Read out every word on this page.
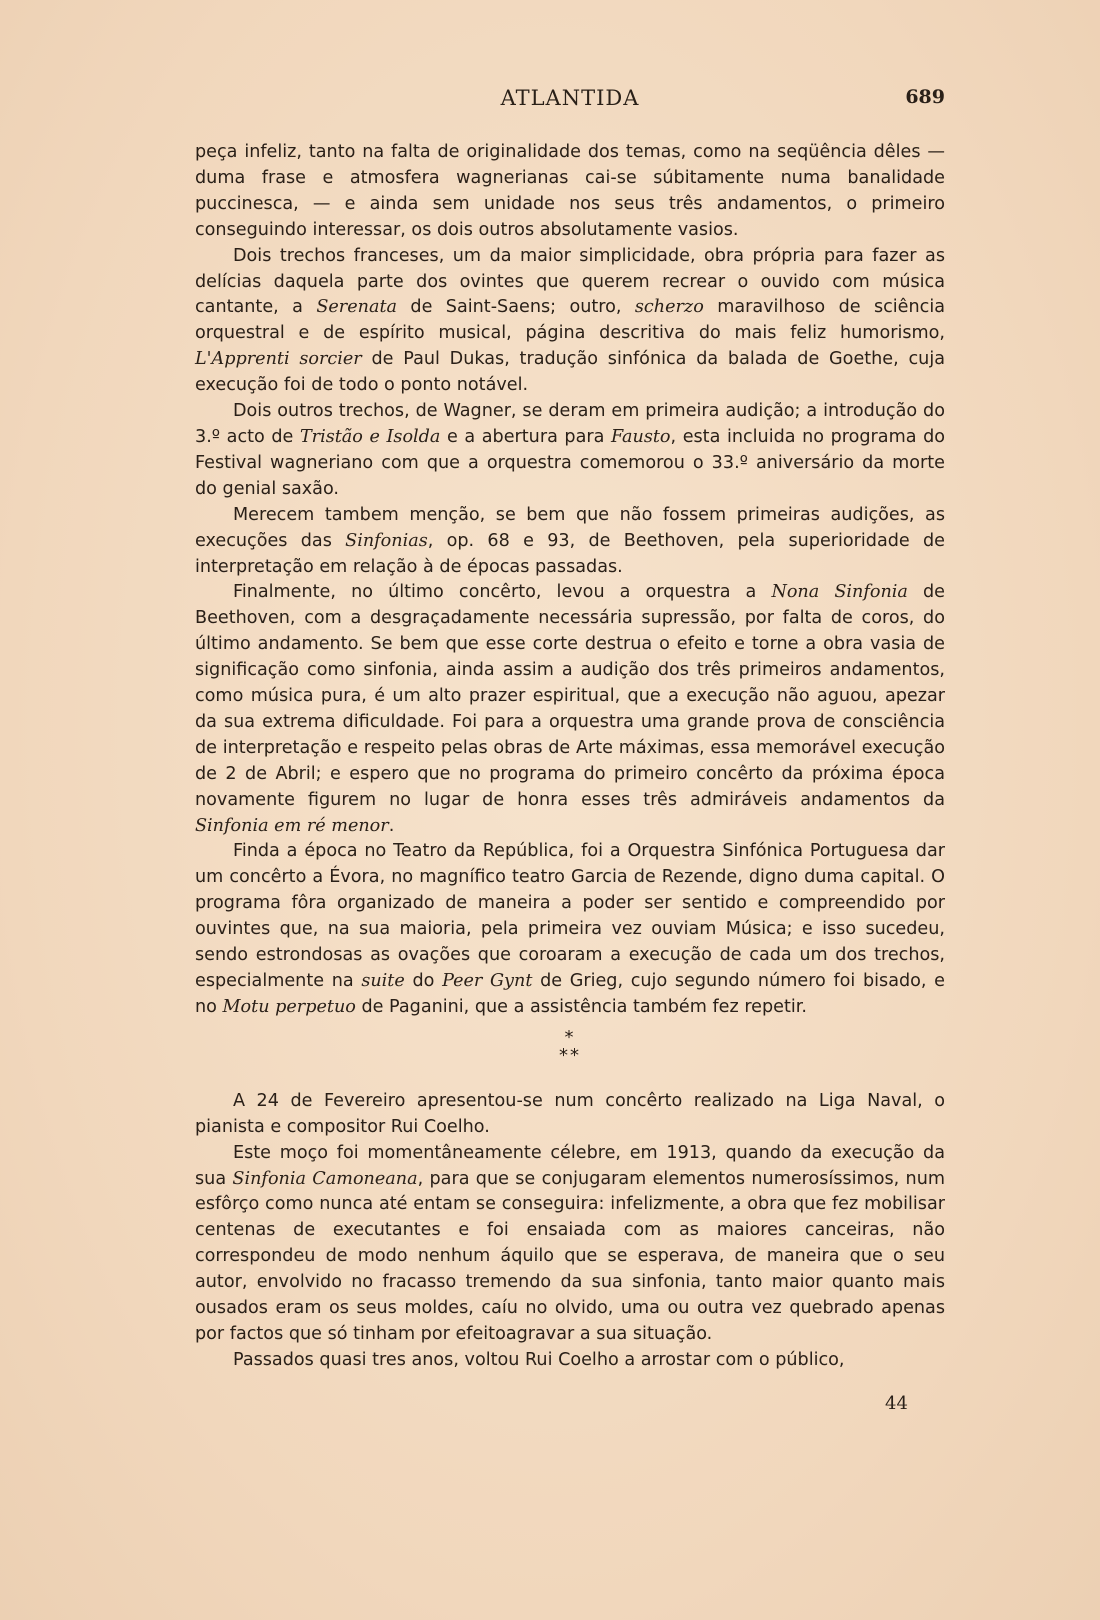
ATLANTIDA	689

peça infeliz, tanto na falta de originalidade dos temas, como na seqüência dêles — duma frase e atmosfera wagnerianas cai-se súbitamente numa banalidade puccinesca, — e ainda sem unidade nos seus três andamentos, o primeiro conseguindo interessar, os dois outros absolutamente vasios.

Dois trechos franceses, um da maior simplicidade, obra própria para fazer as delícias daquela parte dos ovintes que querem recrear o ouvido com música cantante, a Serenata de Saint-Saens; outro, scherzo maravilhoso de sciência orquestral e de espírito musical, página descritiva do mais feliz humorismo, L'Apprenti sorcier de Paul Dukas, tradução sinfónica da balada de Goethe, cuja execução foi de todo o ponto notável.

Dois outros trechos, de Wagner, se deram em primeira audição; a introdução do 3.º acto de Tristão e Isolda e a abertura para Fausto, esta incluida no programa do Festival wagneriano com que a orquestra comemorou o 33.º aniversário da morte do genial saxão.

Merecem tambem menção, se bem que não fossem primeiras audições, as execuções das Sinfonias, op. 68 e 93, de Beethoven, pela superioridade de interpretação em relação à de épocas passadas.

Finalmente, no último concêrto, levou a orquestra a Nona Sinfonia de Beethoven, com a desgraçadamente necessária supressão, por falta de coros, do último andamento. Se bem que esse corte destrua o efeito e torne a obra vasia de significação como sinfonia, ainda assim a audição dos três primeiros andamentos, como música pura, é um alto prazer espiritual, que a execução não aguou, apezar da sua extrema dificuldade. Foi para a orquestra uma grande prova de consciência de interpretação e respeito pelas obras de Arte máximas, essa memorável execução de 2 de Abril; e espero que no programa do primeiro concêrto da próxima época novamente figurem no lugar de honra esses três admiráveis andamentos da Sinfonia em ré menor.

Finda a época no Teatro da República, foi a Orquestra Sinfónica Portuguesa dar um concêrto a Évora, no magnífico teatro Garcia de Rezende, digno duma capital. O programa fôra organizado de maneira a poder ser sentido e compreendido por ouvintes que, na sua maioria, pela primeira vez ouviam Música; e isso sucedeu, sendo estrondosas as ovações que coroaram a execução de cada um dos trechos, especialmente na suite do Peer Gynt de Grieg, cujo segundo número foi bisado, e no Motu perpetuo de Paganini, que a assistência também fez repetir.

*
**

A 24 de Fevereiro apresentou-se num concêrto realizado na Liga Naval, o pianista e compositor Rui Coelho.

Este moço foi momentâneamente célebre, em 1913, quando da execução da sua Sinfonia Camoneana, para que se conjugaram elementos numerosíssimos, num esfôrço como nunca até entam se conseguira: infelizmente, a obra que fez mobilisar centenas de executantes e foi ensaiada com as maiores canceiras, não correspondeu de modo nenhum áquilo que se esperava, de maneira que o seu autor, envolvido no fracasso tremendo da sua sinfonia, tanto maior quanto mais ousados eram os seus moldes, caíu no olvido, uma ou outra vez quebrado apenas por factos que só tinham por efeitoagravar a sua situação.

Passados quasi tres anos, voltou Rui Coelho a arrostar com o público,

44
